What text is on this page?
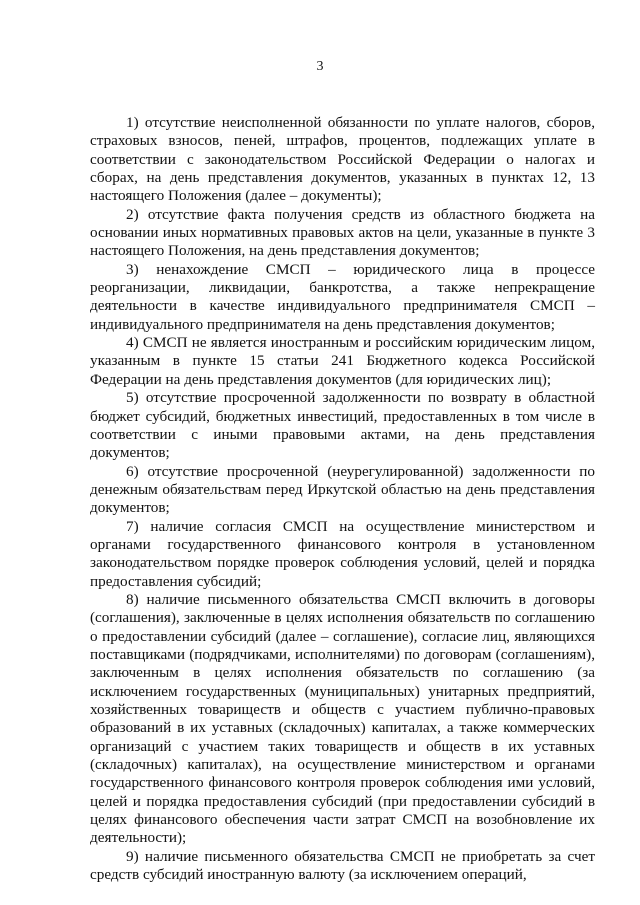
3

1) отсутствие неисполненной обязанности по уплате налогов, сборов, страховых взносов, пеней, штрафов, процентов, подлежащих уплате в соответствии с законодательством Российской Федерации о налогах и сборах, на день представления документов, указанных в пунктах 12, 13 настоящего Положения (далее – документы);

2) отсутствие факта получения средств из областного бюджета на основании иных нормативных правовых актов на цели, указанные в пункте 3 настоящего Положения, на день представления документов;

3) ненахождение СМСП – юридического лица в процессе реорганизации, ликвидации, банкротства, а также непрекращение деятельности в качестве индивидуального предпринимателя СМСП – индивидуального предпринимателя на день представления документов;

4) СМСП не является иностранным и российским юридическим лицом, указанным в пункте 15 статьи 241 Бюджетного кодекса Российской Федерации на день представления документов (для юридических лиц);

5) отсутствие просроченной задолженности по возврату в областной бюджет субсидий, бюджетных инвестиций, предоставленных в том числе в соответствии с иными правовыми актами, на день представления документов;

6) отсутствие просроченной (неурегулированной) задолженности по денежным обязательствам перед Иркутской областью на день представления документов;

7) наличие согласия СМСП на осуществление министерством и органами государственного финансового контроля в установленном законодательством порядке проверок соблюдения условий, целей и порядка предоставления субсидий;

8) наличие письменного обязательства СМСП включить в договоры (соглашения), заключенные в целях исполнения обязательств по соглашению о предоставлении субсидий (далее – соглашение), согласие лиц, являющихся поставщиками (подрядчиками, исполнителями) по договорам (соглашениям), заключенным в целях исполнения обязательств по соглашению (за исключением государственных (муниципальных) унитарных предприятий, хозяйственных товариществ и обществ с участием публично-правовых образований в их уставных (складочных) капиталах, а также коммерческих организаций с участием таких товариществ и обществ в их уставных (складочных) капиталах), на осуществление министерством и органами государственного финансового контроля проверок соблюдения ими условий, целей и порядка предоставления субсидий (при предоставлении субсидий в целях финансового обеспечения части затрат СМСП на возобновление их деятельности);

9) наличие письменного обязательства СМСП не приобретать за счет средств субсидий иностранную валюту (за исключением операций,
